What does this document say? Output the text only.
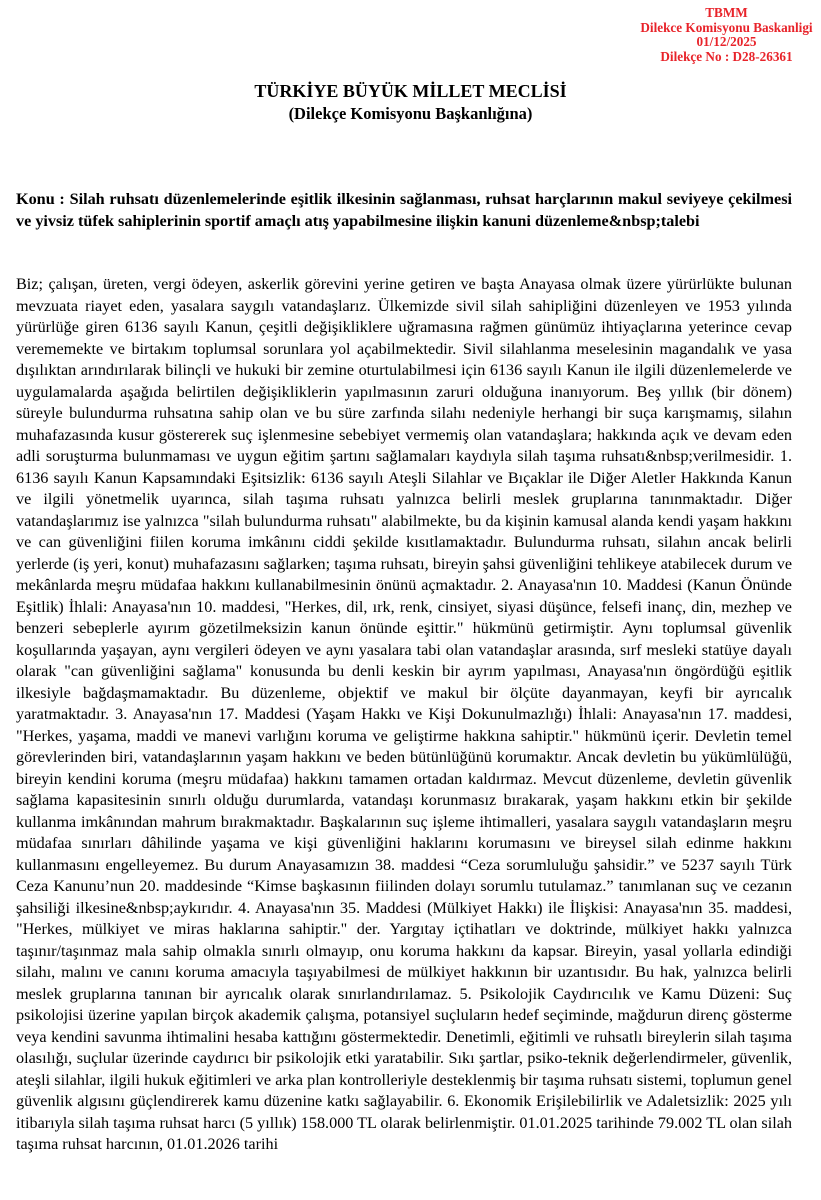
TBMM
Dilekce Komisyonu Baskanligi
01/12/2025
Dilekçe No : D28-26361
TÜRKİYE BÜYÜK MİLLET MECLİSİ
(Dilekçe Komisyonu Başkanlığına)

Konu : Silah ruhsatı düzenlemelerinde eşitlik ilkesinin sağlanması, ruhsat harçlarının makul seviyeye çekilmesi ve yivsiz tüfek sahiplerinin sportif amaçlı atış yapabilmesine ilişkin kanuni düzenleme&nbsp;talebi

Biz; çalışan, üreten, vergi ödeyen, askerlik görevini yerine getiren ve başta Anayasa olmak üzere yürürlükte bulunan mevzuata riayet eden, yasalara saygılı vatandaşlarız. Ülkemizde sivil silah sahipliğini düzenleyen ve 1953 yılında yürürlüğe giren 6136 sayılı Kanun, çeşitli değişikliklere uğramasına rağmen günümüz ihtiyaçlarına yeterince cevap verememekte ve birtakım toplumsal sorunlara yol açabilmektedir. Sivil silahlanma meselesinin magandalık ve yasa dışılıktan arındırılarak bilinçli ve hukuki bir zemine oturtulabilmesi için 6136 sayılı Kanun ile ilgili düzenlemelerde ve uygulamalarda aşağıda belirtilen değişikliklerin yapılmasının zaruri olduğuna inanıyorum. Beş yıllık (bir dönem) süreyle bulundurma ruhsatına sahip olan ve bu süre zarfında silahı nedeniyle herhangi bir suça karışmamış, silahın muhafazasında kusur göstererek suç işlenmesine sebebiyet vermemiş olan vatandaşlara; hakkında açık ve devam eden adli soruşturma bulunmaması ve uygun eğitim şartını sağlamaları kaydıyla silah taşıma ruhsatı&nbsp;verilmesidir. 1. 6136 sayılı Kanun Kapsamındaki Eşitsizlik: 6136 sayılı Ateşli Silahlar ve Bıçaklar ile Diğer Aletler Hakkında Kanun ve ilgili yönetmelik uyarınca, silah taşıma ruhsatı yalnızca belirli meslek gruplarına tanınmaktadır. Diğer vatandaşlarımız ise yalnızca "silah bulundurma ruhsatı" alabilmekte, bu da kişinin kamusal alanda kendi yaşam hakkını ve can güvenliğini fiilen koruma imkânını ciddi şekilde kısıtlamaktadır. Bulundurma ruhsatı, silahın ancak belirli yerlerde (iş yeri, konut) muhafazasını sağlarken; taşıma ruhsatı, bireyin şahsi güvenliğini tehlikeye atabilecek durum ve mekânlarda meşru müdafaa hakkını kullanabilmesinin önünü açmaktadır. 2. Anayasa'nın 10. Maddesi (Kanun Önünde Eşitlik) İhlali: Anayasa'nın 10. maddesi, "Herkes, dil, ırk, renk, cinsiyet, siyasi düşünce, felsefi inanç, din, mezhep ve benzeri sebeplerle ayırım gözetilmeksizin kanun önünde eşittir." hükmünü getirmiştir. Aynı toplumsal güvenlik koşullarında yaşayan, aynı vergileri ödeyen ve aynı yasalara tabi olan vatandaşlar arasında, sırf mesleki statüye dayalı olarak "can güvenliğini sağlama" konusunda bu denli keskin bir ayrım yapılması, Anayasa'nın öngördüğü eşitlik ilkesiyle bağdaşmamaktadır. Bu düzenleme, objektif ve makul bir ölçüte dayanmayan, keyfi bir ayrıcalık yaratmaktadır. 3. Anayasa'nın 17. Maddesi (Yaşam Hakkı ve Kişi Dokunulmazlığı) İhlali: Anayasa'nın 17. maddesi, "Herkes, yaşama, maddi ve manevi varlığını koruma ve geliştirme hakkına sahiptir." hükmünü içerir. Devletin temel görevlerinden biri, vatandaşlarının yaşam hakkını ve beden bütünlüğünü korumaktır. Ancak devletin bu yükümlülüğü, bireyin kendini koruma (meşru müdafaa) hakkını tamamen ortadan kaldırmaz. Mevcut düzenleme, devletin güvenlik sağlama kapasitesinin sınırlı olduğu durumlarda, vatandaşı korunmasız bırakarak, yaşam hakkını etkin bir şekilde kullanma imkânından mahrum bırakmaktadır. Başkalarının suç işleme ihtimalleri, yasalara saygılı vatandaşların meşru müdafaa sınırları dâhilinde yaşama ve kişi güvenliğini haklarını korumasını ve bireysel silah edinme hakkını kullanmasını engelleyemez. Bu durum Anayasamızın 38. maddesi “Ceza sorumluluğu şahsidir.” ve 5237 sayılı Türk Ceza Kanunu’nun 20. maddesinde “Kimse başkasının fiilinden dolayı sorumlu tutulamaz.” tanımlanan suç ve cezanın şahsiliği ilkesine&nbsp;aykırıdır. 4. Anayasa'nın 35. Maddesi (Mülkiyet Hakkı) ile İlişkisi: Anayasa'nın 35. maddesi, "Herkes, mülkiyet ve miras haklarına sahiptir." der. Yargıtay içtihatları ve doktrinde, mülkiyet hakkı yalnızca taşınır/taşınmaz mala sahip olmakla sınırlı olmayıp, onu koruma hakkını da kapsar. Bireyin, yasal yollarla edindiği silahı, malını ve canını koruma amacıyla taşıyabilmesi de mülkiyet hakkının bir uzantısıdır. Bu hak, yalnızca belirli meslek gruplarına tanınan bir ayrıcalık olarak sınırlandırılamaz. 5. Psikolojik Caydırıcılık ve Kamu Düzeni: Suç psikolojisi üzerine yapılan birçok akademik çalışma, potansiyel suçluların hedef seçiminde, mağdurun direnç gösterme veya kendini savunma ihtimalini hesaba kattığını göstermektedir. Denetimli, eğitimli ve ruhsatlı bireylerin silah taşıma olasılığı, suçlular üzerinde caydırıcı bir psikolojik etki yaratabilir. Sıkı şartlar, psiko-teknik değerlendirmeler, güvenlik, ateşli silahlar, ilgili hukuk eğitimleri ve arka plan kontrolleriyle desteklenmiş bir taşıma ruhsatı sistemi, toplumun genel güvenlik algısını güçlendirerek kamu düzenine katkı sağlayabilir. 6. Ekonomik Erişilebilirlik ve Adaletsizlik: 2025 yılı itibarıyla silah taşıma ruhsat harcı (5 yıllık) 158.000 TL olarak belirlenmiştir. 01.01.2025 tarihinde 79.002 TL olan silah taşıma ruhsat harcının, 01.01.2026 tarihi
